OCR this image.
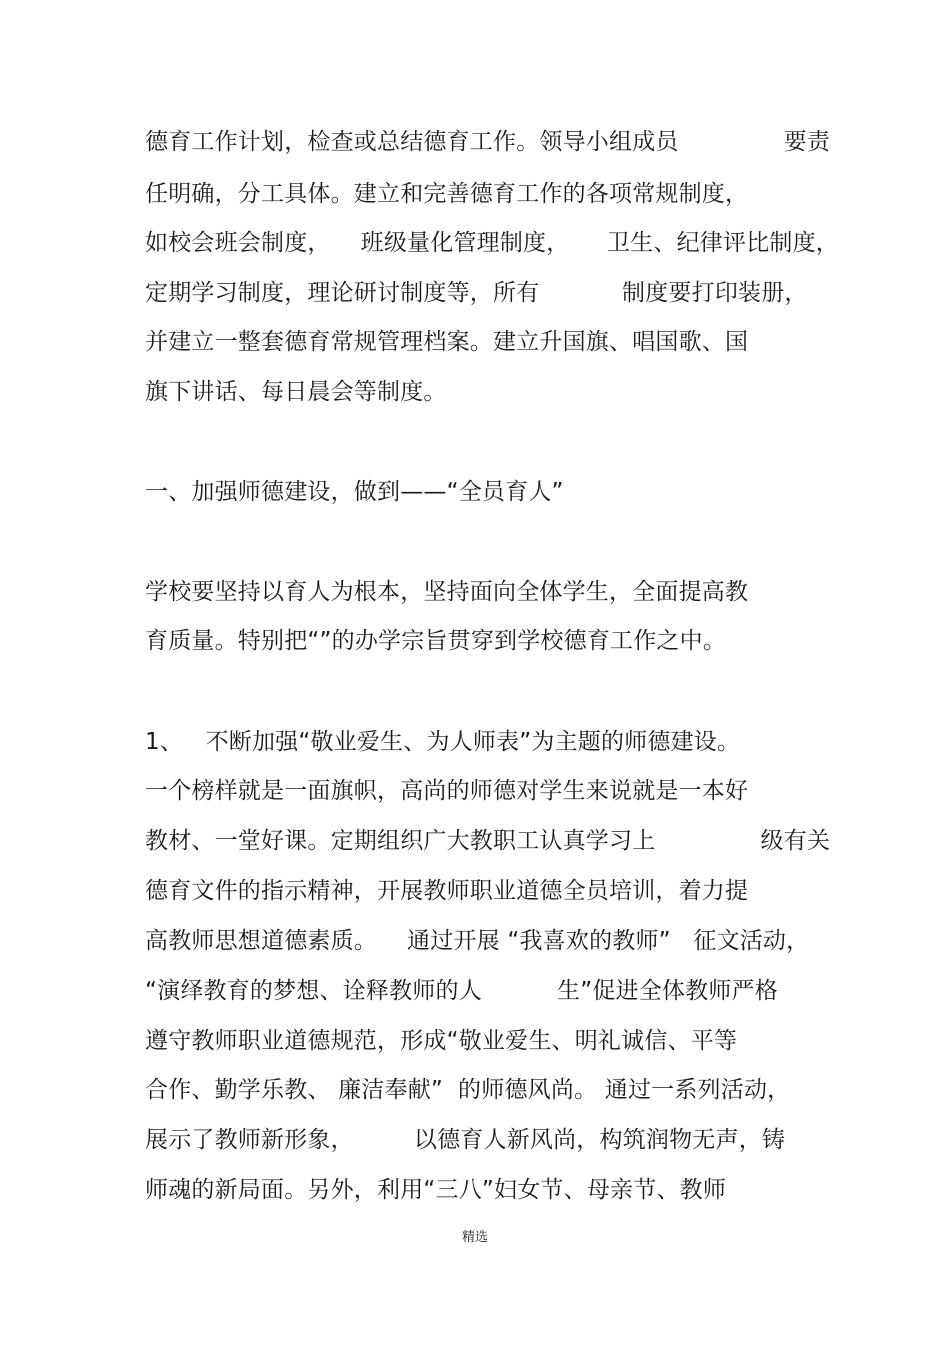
德育工作计划，检查或总结德育工作。领导小组成员              要责
任明确，分工具体。建立和完善德育工作的各项常规制度，
如校会班会制度，    班级量化管理制度，     卫生、纪律评比制度，
定期学习制度，理论研讨制度等，所有           制度要打印装册，
并建立一整套德育常规管理档案。建立升国旗、唱国歌、国
旗下讲话、每日晨会等制度。
一、加强师德建设，做到——“全员育人”
学校要坚持以育人为根本，坚持面向全体学生，全面提高教
育质量。特别把“”的办学宗旨贯穿到学校德育工作之中。
1、   不断加强“敬业爱生、为人师表”为主题的师德建设。
一个榜样就是一面旗帜，高尚的师德对学生来说就是一本好
教材、一堂好课。定期组织广大教职工认真学习上              级有关
德育文件的指示精神，开展教师职业道德全员培训，着力提
高教师思想道德素质。    通过开展 “我喜欢的教师”   征文活动，
“演绎教育的梦想、诠释教师的人          生”促进全体教师严格
遵守教师职业道德规范，形成“敬业爱生、明礼诚信、平等
合作、勤学乐教、 廉洁奉献”  的师德风尚。 通过一系列活动，
展示了教师新形象，        以德育人新风尚，构筑润物无声，铸
师魂的新局面。另外，利用“三八”妇女节、母亲节、教师
精选
